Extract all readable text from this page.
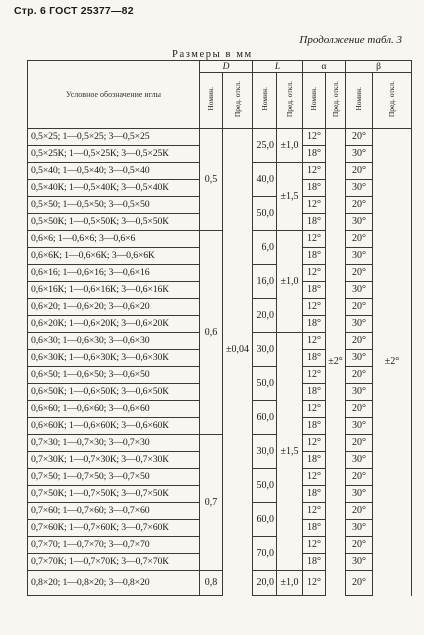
Стр. 6 ГОСТ 25377—82
Продолжение табл. 3
Размеры в мм
Условное обозначение иглы	D		L		α		β	
	Номин.	Пред. откл.	Номин.	Пред. откл.	Номин.	Пред. откл.	Номин.	Пред. откл.
0,5×25; 1—0,5×25; 3—0,5×25	0,5	±0,04	25,0	±1,0	12°	±2°	20°	±2°
0,5×25К; 1—0,5×25К; 3—0,5×25К					18°		30°	
0,5×40; 1—0,5×40; 3—0,5×40			40,0	±1,5	12°		20°	
0,5×40К; 1—0,5×40К; 3—0,5×40К					18°		30°	
0,5×50; 1—0,5×50; 3—0,5×50			50,0		12°		20°	
0,5×50К; 1—0,5×50К; 3—0,5×50К					18°		30°	
0,6×6; 1—0,6×6; 3—0,6×6	0,6		6,0	±1,0	12°		20°	
0,6×6К; 1—0,6×6К; 3—0,6×6К					18°		30°	
0,6×16; 1—0,6×16; 3—0,6×16			16,0		12°		20°	
0,6×16К; 1—0,6×16К; 3—0,6×16К					18°		30°	
0,6×20; 1—0,6×20; 3—0,6×20			20,0		12°		20°	
0,6×20К; 1—0,6×20К; 3—0,6×20К					18°		30°	
0,6×30; 1—0,6×30; 3—0,6×30			30,0	±1,5	12°		20°	
0,6×30К; 1—0,6×30К; 3—0,6×30К					18°		30°	
0,6×50; 1—0,6×50; 3—0,6×50			50,0		12°		20°	
0,6×50К; 1—0,6×50К; 3—0,6×50К					18°		30°	
0,6×60; 1—0,6×60; 3—0,6×60			60,0		12°		20°	
0,6×60К; 1—0,6×60К; 3—0,6×60К					18°		30°	
0,7×30; 1—0,7×30; 3—0,7×30	0,7		30,0		12°		20°	
0,7×30К; 1—0,7×30К; 3—0,7×30К					18°		30°	
0,7×50; 1—0,7×50; 3—0,7×50			50,0		12°		20°	
0,7×50К; 1—0,7×50К; 3—0,7×50К					18°		30°	
0,7×60; 1—0,7×60; 3—0,7×60			60,0		12°		20°	
0,7×60К; 1—0,7×60К; 3—0,7×60К					18°		30°	
0,7×70; 1—0,7×70; 3—0,7×70			70,0		12°		20°	
0,7×70К; 1—0,7×70К; 3—0,7×70К					18°		30°	
0,8×20; 1—0,8×20; 3—0,8×20	0,8		20,0	±1,0	12°		20°	
